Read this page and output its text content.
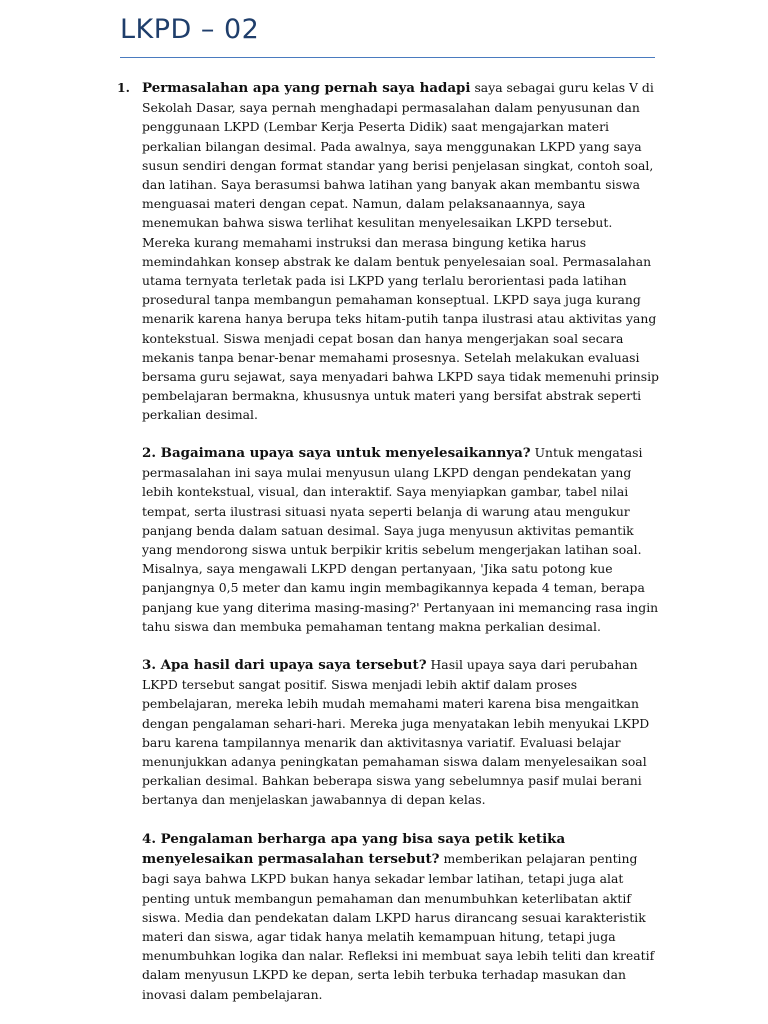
LKPD – 02
1. Permasalahan apa yang pernah saya hadapi saya sebagai guru kelas V di Sekolah Dasar, saya pernah menghadapi permasalahan dalam penyusunan dan penggunaan LKPD (Lembar Kerja Peserta Didik) saat mengajarkan materi perkalian bilangan desimal. Pada awalnya, saya menggunakan LKPD yang saya susun sendiri dengan format standar yang berisi penjelasan singkat, contoh soal, dan latihan. Saya berasumsi bahwa latihan yang banyak akan membantu siswa menguasai materi dengan cepat. Namun, dalam pelaksanaannya, saya menemukan bahwa siswa terlihat kesulitan menyelesaikan LKPD tersebut. Mereka kurang memahami instruksi dan merasa bingung ketika harus memindahkan konsep abstrak ke dalam bentuk penyelesaian soal. Permasalahan utama ternyata terletak pada isi LKPD yang terlalu berorientasi pada latihan prosedural tanpa membangun pemahaman konseptual. LKPD saya juga kurang menarik karena hanya berupa teks hitam-putih tanpa ilustrasi atau aktivitas yang kontekstual. Siswa menjadi cepat bosan dan hanya mengerjakan soal secara mekanis tanpa benar-benar memahami prosesnya. Setelah melakukan evaluasi bersama guru sejawat, saya menyadari bahwa LKPD saya tidak memenuhi prinsip pembelajaran bermakna, khususnya untuk materi yang bersifat abstrak seperti perkalian desimal.

2. Bagaimana upaya saya untuk menyelesaikannya? Untuk mengatasi permasalahan ini saya mulai menyusun ulang LKPD dengan pendekatan yang lebih kontekstual, visual, dan interaktif. Saya menyiapkan gambar, tabel nilai tempat, serta ilustrasi situasi nyata seperti belanja di warung atau mengukur panjang benda dalam satuan desimal. Saya juga menyusun aktivitas pemantik yang mendorong siswa untuk berpikir kritis sebelum mengerjakan latihan soal. Misalnya, saya mengawali LKPD dengan pertanyaan, 'Jika satu potong kue panjangnya 0,5 meter dan kamu ingin membagikannya kepada 4 teman, berapa panjang kue yang diterima masing-masing?' Pertanyaan ini memancing rasa ingin tahu siswa dan membuka pemahaman tentang makna perkalian desimal.

3. Apa hasil dari upaya saya tersebut? Hasil upaya saya dari perubahan LKPD tersebut sangat positif. Siswa menjadi lebih aktif dalam proses pembelajaran, mereka lebih mudah memahami materi karena bisa mengaitkan dengan pengalaman sehari-hari. Mereka juga menyatakan lebih menyukai LKPD baru karena tampilannya menarik dan aktivitasnya variatif. Evaluasi belajar menunjukkan adanya peningkatan pemahaman siswa dalam menyelesaikan soal perkalian desimal. Bahkan beberapa siswa yang sebelumnya pasif mulai berani bertanya dan menjelaskan jawabannya di depan kelas.

4. Pengalaman berharga apa yang bisa saya petik ketika menyelesaikan permasalahan tersebut? memberikan pelajaran penting bagi saya bahwa LKPD bukan hanya sekadar lembar latihan, tetapi juga alat penting untuk membangun pemahaman dan menumbuhkan keterlibatan aktif siswa. Media dan pendekatan dalam LKPD harus dirancang sesuai karakteristik materi dan siswa, agar tidak hanya melatih kemampuan hitung, tetapi juga menumbuhkan logika dan nalar. Refleksi ini membuat saya lebih teliti dan kreatif dalam menyusun LKPD ke depan, serta lebih terbuka terhadap masukan dan inovasi dalam pembelajaran.
